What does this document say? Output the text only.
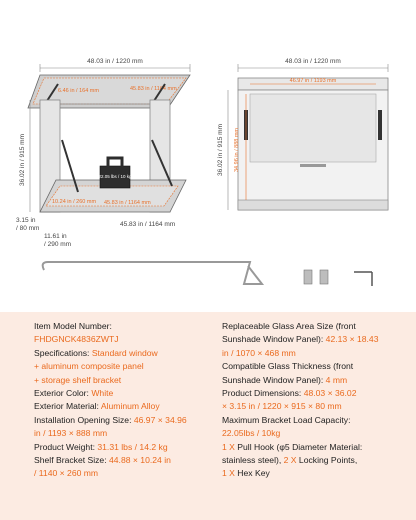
48.03 in / 1220 mm
6.46 in / 164 mm	45.83 in / 1164 mm
10.24 in / 260 mm 45.83 in / 1164 mm
22.05 lbs / 10 kg
36.02 in / 915 mm
3.15 in
/ 80 mm
11.61 in
/ 290 mm
45.83 in / 1164 mm
48.03 in / 1220 mm
46.97 in / 1193 mm
36.02 in / 915 mm 34.96 in / 888 mm

Item Model Number:

FHDGNCK4836ZWTJ

Specifications: Standard window

+ aluminum composite panel

+ storage shelf bracket

Exterior Color: White

Exterior Material: Aluminum Alloy

Installation Opening Size: 46.97 × 34.96

in / 1193 × 888 mm

Product Weight: 31.31 lbs / 14.2 kg

Shelf Bracket Size: 44.88 × 10.24 in

/ 1140 × 260 mm

Replaceable Glass Area Size (front

Sunshade Window Panel): 42.13 × 18.43

in / 1070 × 468 mm

Compatible Glass Thickness (front

Sunshade Window Panel): 4 mm

Product Dimensions: 48.03 × 36.02

× 3.15 in / 1220 × 915 × 80 mm

Maximum Bracket Load Capacity:

22.05lbs / 10kg

1 X Pull Hook (φ5 Diameter Material:

stainless steel), 2 X Locking Points,

1 X Hex Key
